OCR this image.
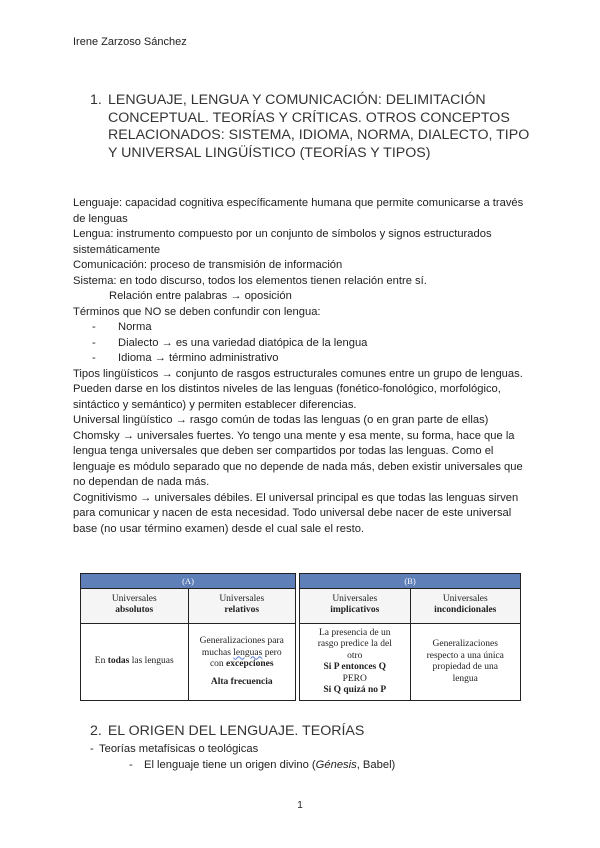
Irene Zarzoso Sánchez
1. LENGUAJE, LENGUA Y COMUNICACIÓN: DELIMITACIÓN CONCEPTUAL. TEORÍAS Y CRÍTICAS. OTROS CONCEPTOS RELACIONADOS: SISTEMA, IDIOMA, NORMA, DIALECTO, TIPO Y UNIVERSAL LINGÜÍSTICO (TEORÍAS Y TIPOS)

Lenguaje: capacidad cognitiva específicamente humana que permite comunicarse a través de lenguas

Lengua: instrumento compuesto por un conjunto de símbolos y signos estructurados sistemáticamente

Comunicación: proceso de transmisión de información

Sistema: en todo discurso, todos los elementos tienen relación entre sí.

Relación entre palabras → oposición

Términos que NO se deben confundir con lengua:

- Norma

- Dialecto → es una variedad diatópica de la lengua

- Idioma → término administrativo

Tipos lingüísticos → conjunto de rasgos estructurales comunes entre un grupo de lenguas. Pueden darse en los distintos niveles de las lenguas (fonético-fonológico, morfológico, sintáctico y semántico) y permiten establecer diferencias.

Universal lingüístico → rasgo común de todas las lenguas (o en gran parte de ellas)

Chomsky → universales fuertes. Yo tengo una mente y esa mente, su forma, hace que la lengua tenga universales que deben ser compartidos por todas las lenguas. Como el lenguaje es módulo separado que no depende de nada más, deben existir universales que no dependan de nada más.

Cognitivismo → universales débiles. El universal principal es que todas las lenguas sirven para comunicar y nacen de esta necesidad. Todo universal debe nacer de este universal base (no usar término examen) desde el cual sale el resto.

(A)
Universales
absolutos
Universales
relativos
En todas las lenguas
Generalizaciones para
muchas lenguas pero
con excepciones
Alta frecuencia
(B)
Universales
implicativos
Universales
incondicionales
La presencia de un
rasgo predice la del
otro
Si P entonces Q
PERO
Si Q quizá no P
Generalizaciones
respecto a una única
propiedad de una
lengua
2. EL ORIGEN DEL LENGUAJE. TEORÍAS

- Teorías metafísicas o teológicas

- El lenguaje tiene un origen divino (Génesis, Babel)

1
